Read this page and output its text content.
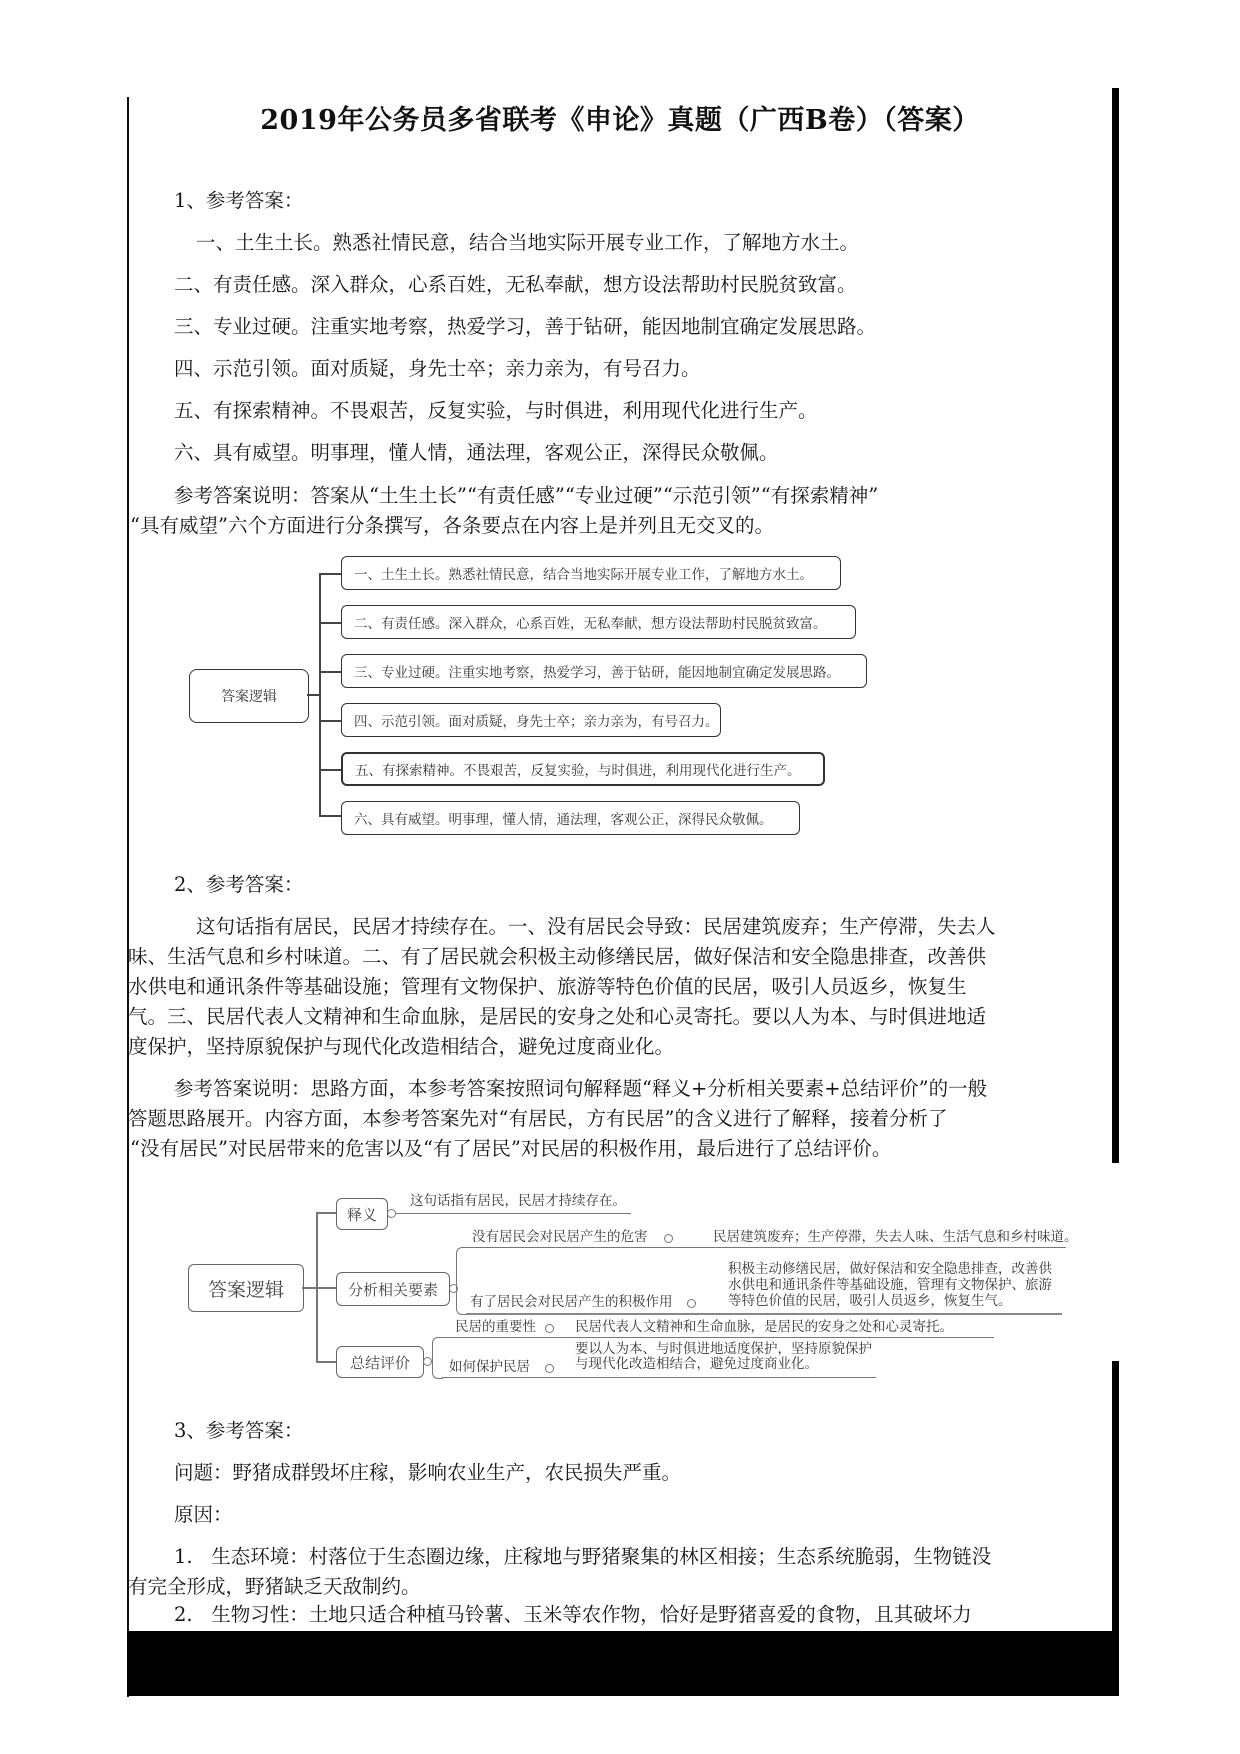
2019年公务员多省联考《申论》真题（广西B卷）（答案）
1、参考答案：
一、土生土长。熟悉社情民意，结合当地实际开展专业工作，了解地方水土。
二、有责任感。深入群众，心系百姓，无私奉献，想方设法帮助村民脱贫致富。
三、专业过硬。注重实地考察，热爱学习，善于钻研，能因地制宜确定发展思路。
四、示范引领。面对质疑，身先士卒；亲力亲为，有号召力。
五、有探索精神。不畏艰苦，反复实验，与时俱进，利用现代化进行生产。
六、具有威望。明事理，懂人情，通法理，客观公正，深得民众敬佩。
参考答案说明：答案从“土生土长”“有责任感”“专业过硬”“示范引领”“有探索精神”
“具有威望”六个方面进行分条撰写，各条要点在内容上是并列且无交叉的。
答案逻辑
一、土生土长。熟悉社情民意，结合当地实际开展专业工作，了解地方水土。
二、有责任感。深入群众，心系百姓，无私奉献，想方设法帮助村民脱贫致富。
三、专业过硬。注重实地考察，热爱学习，善于钻研，能因地制宜确定发展思路。
四、示范引领。面对质疑，身先士卒；亲力亲为，有号召力。
五、有探索精神。不畏艰苦，反复实验，与时俱进，利用现代化进行生产。
六、具有威望。明事理，懂人情，通法理，客观公正，深得民众敬佩。
2、参考答案：
这句话指有居民，民居才持续存在。一、没有居民会导致：民居建筑废弃；生产停滞，失去人
味、生活气息和乡村味道。二、有了居民就会积极主动修缮民居，做好保洁和安全隐患排查，改善供
水供电和通讯条件等基础设施；管理有文物保护、旅游等特色价值的民居，吸引人员返乡，恢复生
气。三、民居代表人文精神和生命血脉，是居民的安身之处和心灵寄托。要以人为本、与时俱进地适
度保护，坚持原貌保护与现代化改造相结合，避免过度商业化。
参考答案说明：思路方面，本参考答案按照词句解释题“释义+分析相关要素+总结评价”的一般
答题思路展开。内容方面，本参考答案先对“有居民，方有民居”的含义进行了解释，接着分析了
“没有居民”对民居带来的危害以及“有了居民”对民居的积极作用，最后进行了总结评价。
答案逻辑
释义
这句话指有居民，民居才持续存在。
分析相关要素
没有居民会对民居产生的危害	民居建筑废弃；生产停滞，失去人味、生活气息和乡村味道。
有了居民会对民居产生的积极作用
积极主动修缮民居，做好保洁和安全隐患排查，改善供
水供电和通讯条件等基础设施，管理有文物保护、旅游
等特色价值的民居，吸引人员返乡，恢复生气。
总结评价
民居的重要性	民居代表人文精神和生命血脉，是居民的安身之处和心灵寄托。
如何保护民居
要以人为本、与时俱进地适度保护，坚持原貌保护
与现代化改造相结合，避免过度商业化。
3、参考答案：
问题：野猪成群毁坏庄稼，影响农业生产，农民损失严重。
原因：
1.   生态环境：村落位于生态圈边缘，庄稼地与野猪聚集的林区相接；生态系统脆弱，生物链没
有完全形成，野猪缺乏天敌制约。
2.   生物习性：土地只适合种植马铃薯、玉米等农作物，恰好是野猪喜爱的食物，且其破坏力
